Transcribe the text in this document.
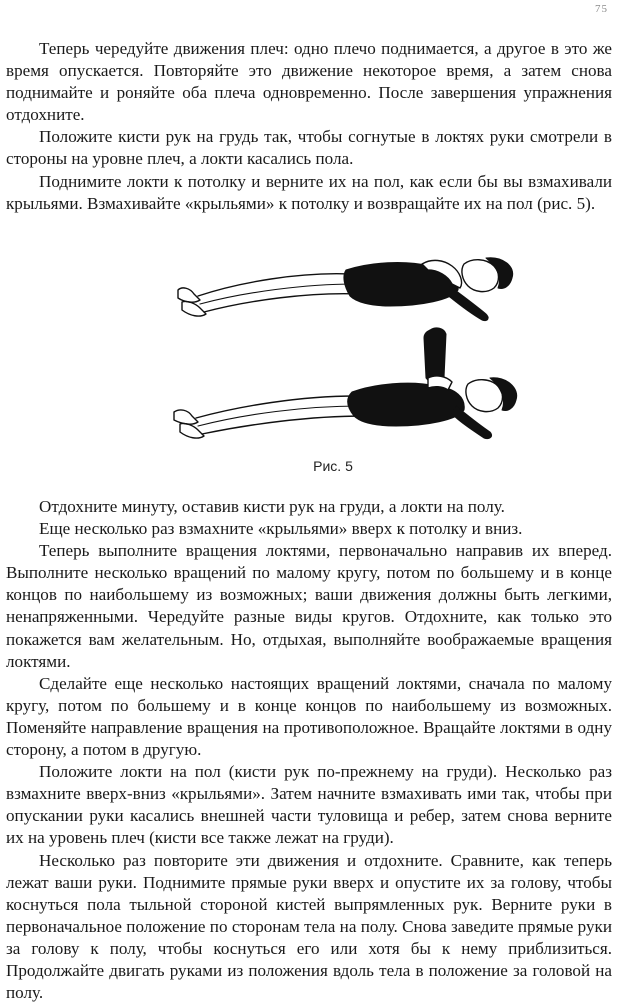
75

Теперь чередуйте движения плеч: одно плечо поднимается, а другое в это же время опускается. Повторяйте это движение некоторое время, а затем снова поднимайте и роняйте оба плеча одновременно. После завершения упражнения отдохните.

Положите кисти рук на грудь так, чтобы согнутые в локтях руки смотрели в стороны на уровне плеч, а локти касались пола.

Поднимите локти к потолку и верните их на пол, как если бы вы взмахивали крыльями. Взмахивайте «крыльями» к потолку и возвращайте их на пол (рис. 5).

Рис. 5

Отдохните минуту, оставив кисти рук на груди, а локти на полу.

Еще несколько раз взмахните «крыльями» вверх к потолку и вниз.

Теперь выполните вращения локтями, первоначально направив их вперед. Выполните несколько вращений по малому кругу, потом по большему и в конце концов по наибольшему из возможных; ваши движения должны быть легкими, ненапряженными. Чередуйте разные виды кругов. Отдохните, как только это покажется вам желательным. Но, отдыхая, выполняйте воображаемые вращения локтями.

Сделайте еще несколько настоящих вращений локтями, сначала по малому кругу, потом по большему и в конце концов по наибольшему из возможных. Поменяйте направление вращения на противоположное. Вращайте локтями в одну сторону, а потом в другую.

Положите локти на пол (кисти рук по-прежнему на груди). Несколько раз взмахните вверх-вниз «крыльями». Затем начните взмахивать ими так, чтобы при опускании руки касались внешней части туловища и ребер, затем снова верните их на уровень плеч (кисти все также лежат на груди).

Несколько раз повторите эти движения и отдохните. Сравните, как теперь лежат ваши руки. Поднимите прямые руки вверх и опустите их за голову, чтобы коснуться пола тыльной стороной кистей выпрямленных рук. Верните руки в первоначальное положение по сторонам тела на полу. Снова заведите прямые руки за голову к полу, чтобы коснуться его или хотя бы к нему приблизиться. Продолжайте двигать руками из положения вдоль тела в положение за головой на полу.
